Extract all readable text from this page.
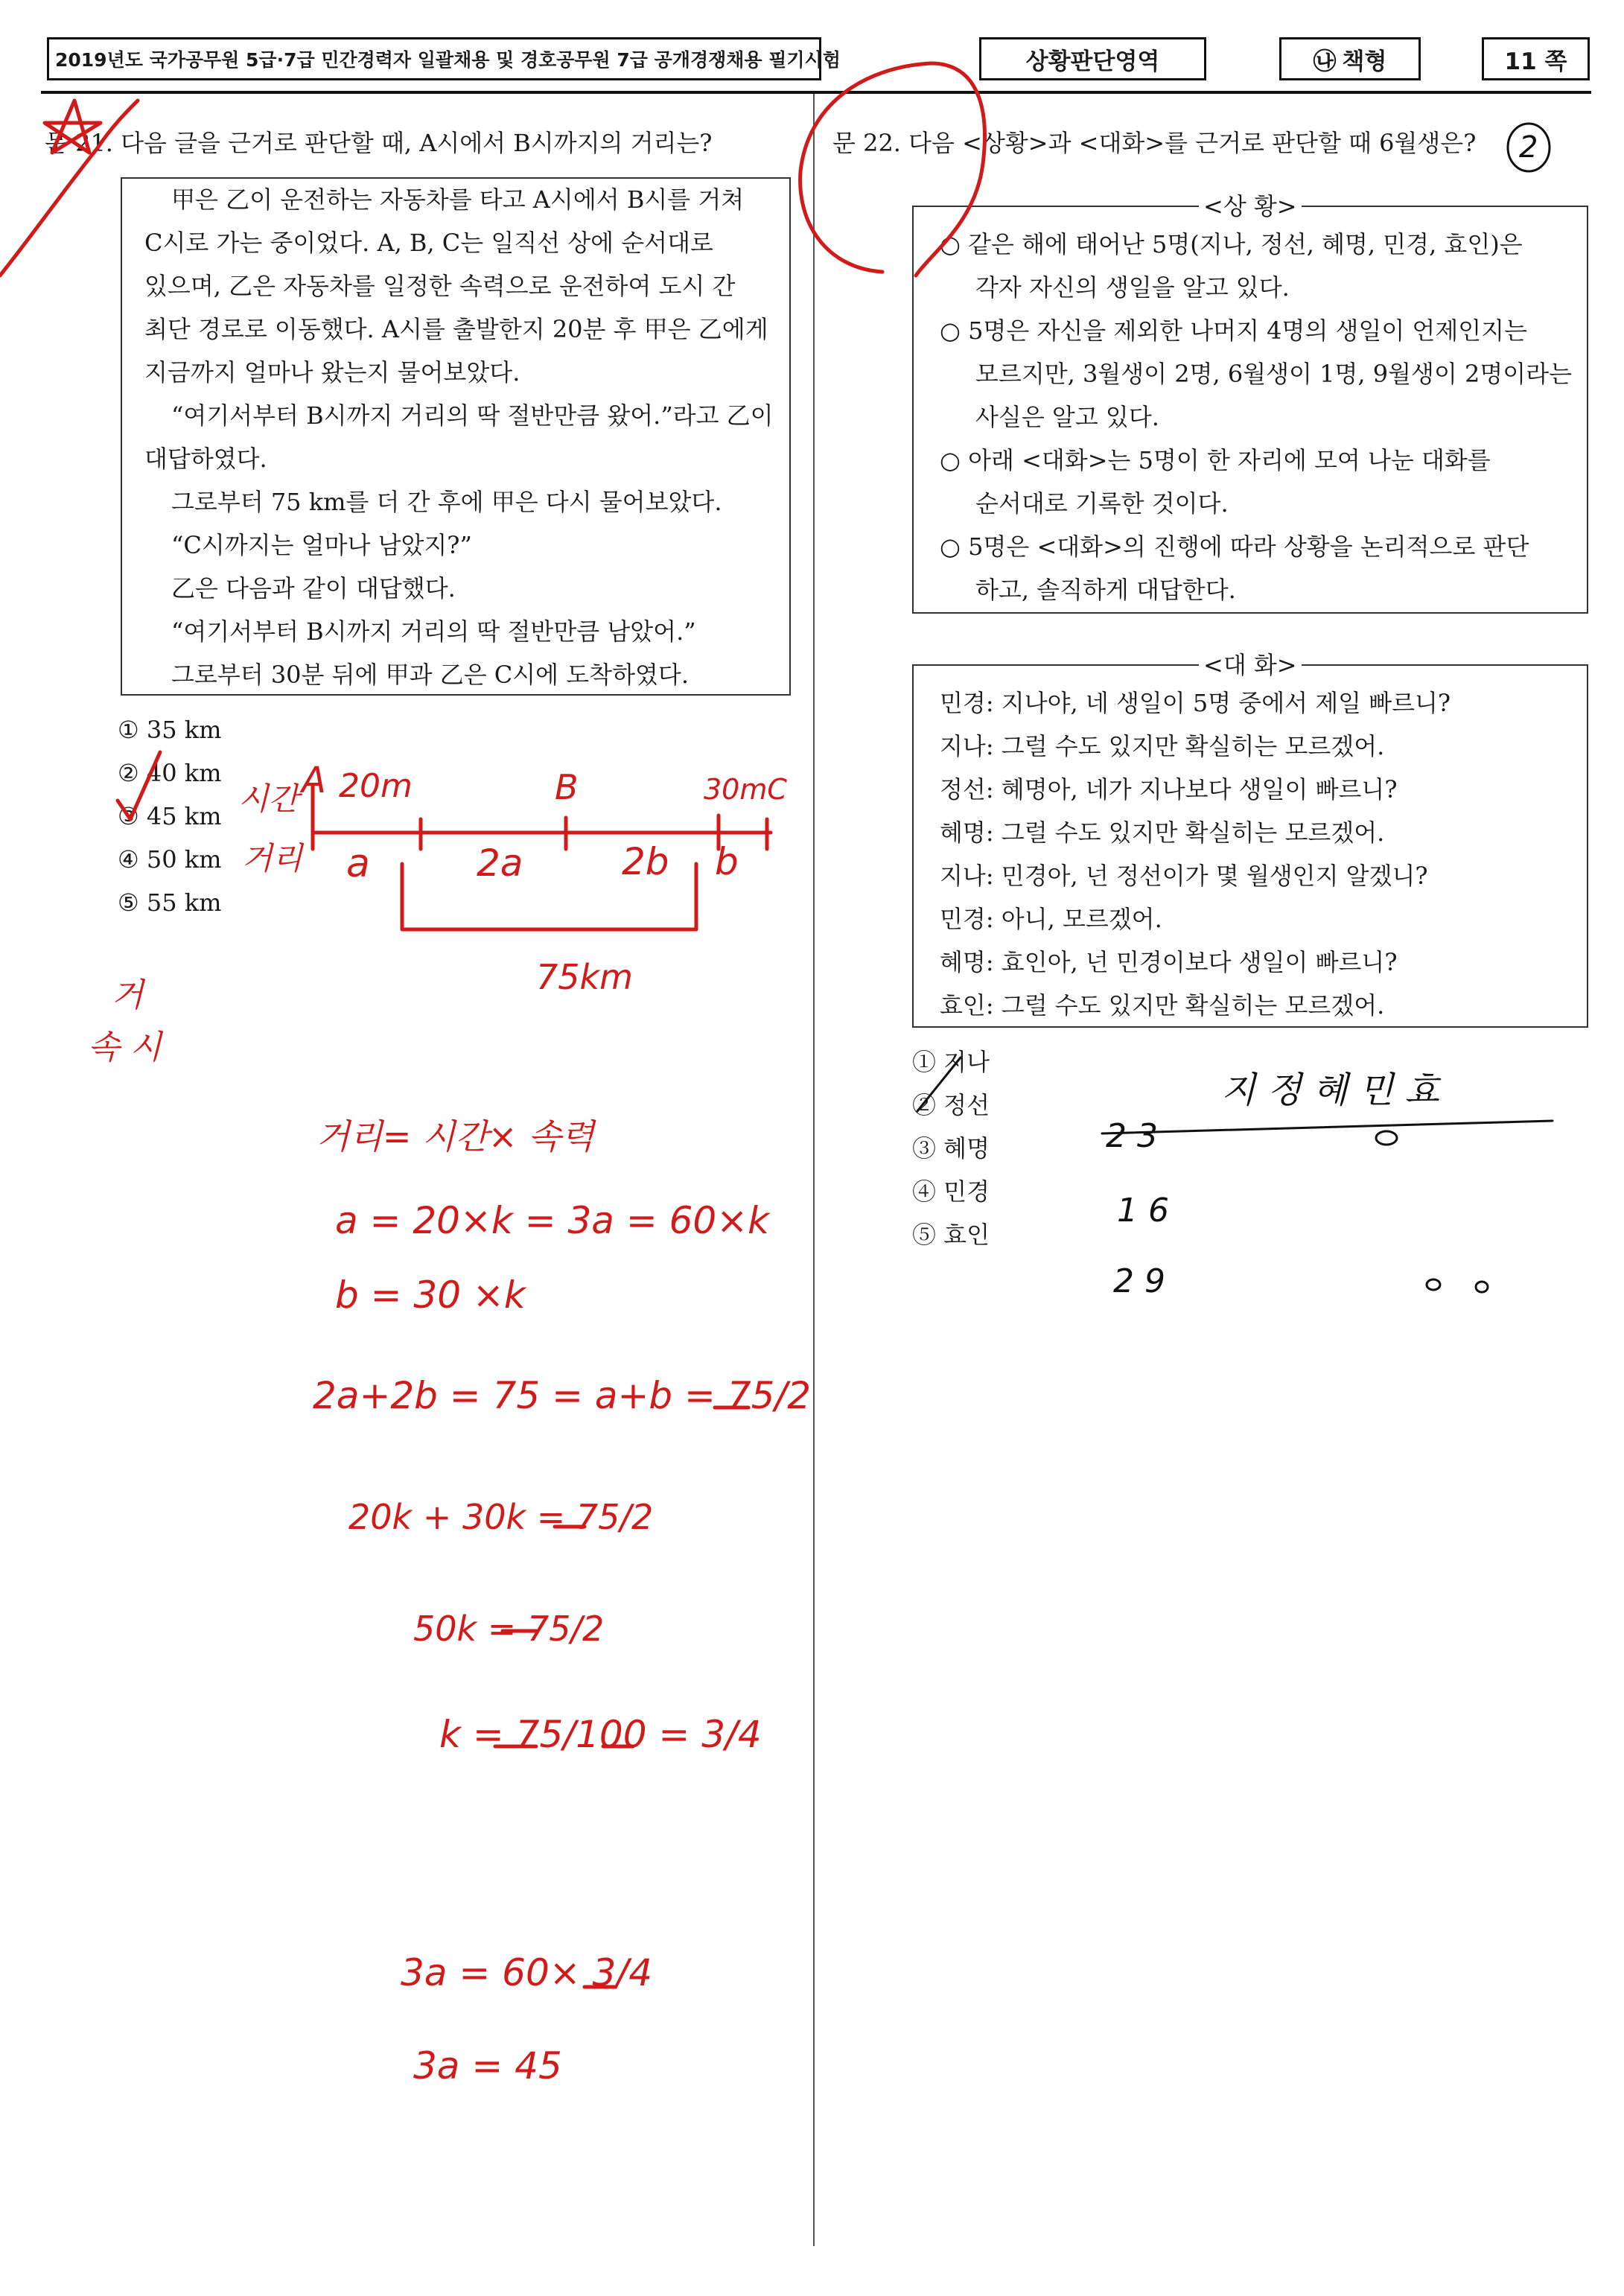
2019년도 국가공무원 5급·7급 민간경력자 일괄채용 및 경호공무원 7급 공개경쟁채용 필기시험	상황판단영역	㉯ 책형	11 쪽
문 21. 다음 글을 근거로 판단할 때, A시에서 B시까지의 거리는?
甲은 乙이 운전하는 자동차를 타고 A시에서 B시를 거쳐
C시로 가는 중이었다. A, B, C는 일직선 상에 순서대로
있으며, 乙은 자동차를 일정한 속력으로 운전하여 도시 간
최단 경로로 이동했다. A시를 출발한지 20분 후 甲은 乙에게
지금까지 얼마나 왔는지 물어보았다.
“여기서부터 B시까지 거리의 딱 절반만큼 왔어.”라고 乙이
대답하였다.
그로부터 75 km를 더 간 후에 甲은 다시 물어보았다.
“C시까지는 얼마나 남았지?”
乙은 다음과 같이 대답했다.
“여기서부터 B시까지 거리의 딱 절반만큼 남았어.”
그로부터 30분 뒤에 甲과 乙은 C시에 도착하였다.
① 35 km
② 40 km
③ 45 km
④ 50 km
⑤ 55 km
문 22. 다음 <상황>과 <대화>를 근거로 판단할 때 6월생은?
<상 황>
○ 같은 해에 태어난 5명(지나, 정선, 혜명, 민경, 효인)은
각자 자신의 생일을 알고 있다.
○ 5명은 자신을 제외한 나머지 4명의 생일이 언제인지는
모르지만, 3월생이 2명, 6월생이 1명, 9월생이 2명이라는
사실은 알고 있다.
○ 아래 <대화>는 5명이 한 자리에 모여 나눈 대화를
순서대로 기록한 것이다.
○ 5명은 <대화>의 진행에 따라 상황을 논리적으로 판단
하고, 솔직하게 대답한다.
<대 화>
민경: 지나야, 네 생일이 5명 중에서 제일 빠르니?
지나: 그럴 수도 있지만 확실히는 모르겠어.
정선: 혜명아, 네가 지나보다 생일이 빠르니?
혜명: 그럴 수도 있지만 확실히는 모르겠어.
지나: 민경아, 넌 정선이가 몇 월생인지 알겠니?
민경: 아니, 모르겠어.
혜명: 효인아, 넌 민경이보다 생일이 빠르니?
효인: 그럴 수도 있지만 확실히는 모르겠어.
① 지나
② 정선
③ 혜명
④ 민경
⑤ 효인
시간
거리
A 20m	B	30mC
a	2a	2b b
75km
거
속 시
거리= 시간× 속력
a = 20×k = 3a = 60×k
b = 30 ×k
2a+2b = 75 = a+b = 75/2
20k + 30k = 75/2
50k = 75/2
k = 75/100 = 3/4
3a = 60× 3/4
3a = 45
2
지 정 혜 민 효
2 3
1 6
2 9
